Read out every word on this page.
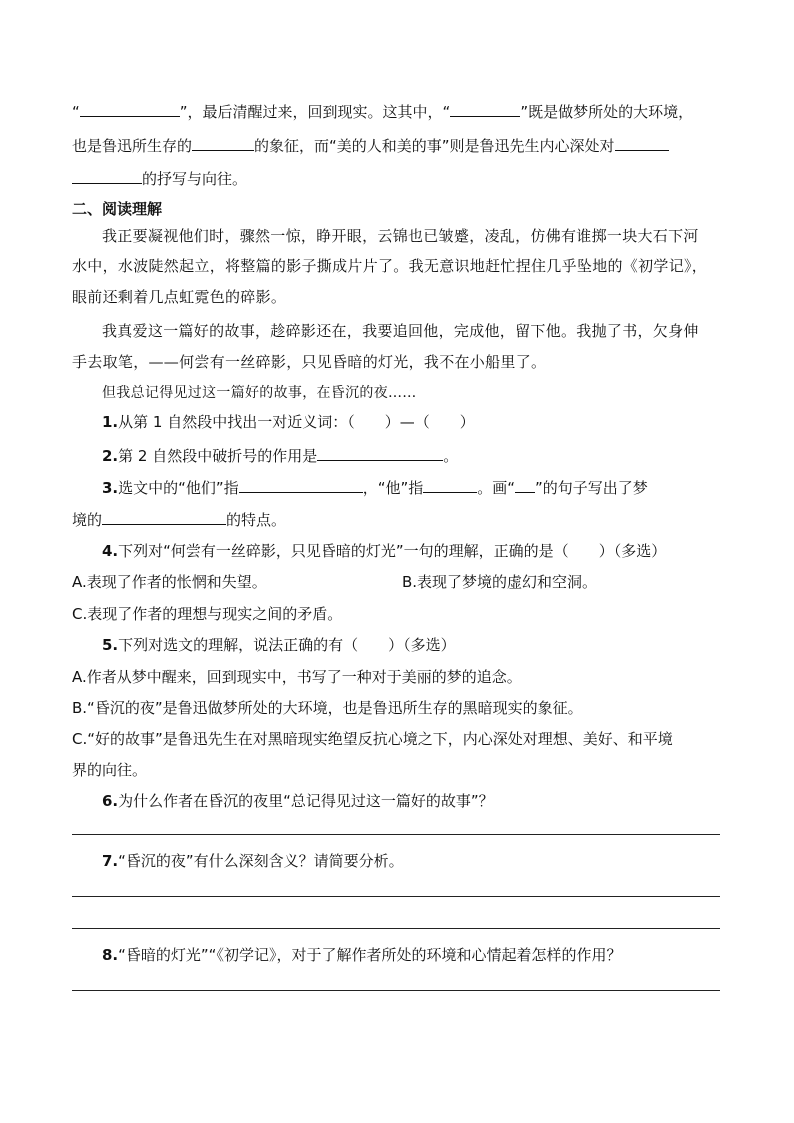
“	”，最后清醒过来，回到现实。这其中，“	”既是做梦所处的大环境，
也是鲁迅所生存的	的象征，而“美的人和美的事”则是鲁迅先生内心深处对
的抒写与向往。
二、阅读理解
我正要凝视他们时，骤然一惊，睁开眼，云锦也已皱蹙，凌乱，仿佛有谁掷一块大石下河
水中，水波陡然起立，将整篇的影子撕成片片了。我无意识地赶忙捏住几乎坠地的《初学记》，
眼前还剩着几点虹霓色的碎影。
我真爱这一篇好的故事，趁碎影还在，我要追回他，完成他，留下他。我抛了书，欠身伸
手去取笔，——何尝有一丝碎影，只见昏暗的灯光，我不在小船里了。
但我总记得见过这一篇好的故事，在昏沉的夜……
1.从第 1 自然段中找出一对近义词：（ ）—（ ）
2.第 2 自然段中破折号的作用是	。
3.选文中的“他们”指	，“他”指	。画“ ”的句子写出了梦
境的	的特点。
4.下列对“何尝有一丝碎影，只见昏暗的灯光”一句的理解，正确的是（ ）（多选）
A.表现了作者的怅惘和失望。	B.表现了梦境的虚幻和空洞。
C.表现了作者的理想与现实之间的矛盾。
5.下列对选文的理解，说法正确的有（ ）（多选）
A.作者从梦中醒来，回到现实中，书写了一种对于美丽的梦的追念。
B.“昏沉的夜”是鲁迅做梦所处的大环境，也是鲁迅所生存的黑暗现实的象征。
C.“好的故事”是鲁迅先生在对黑暗现实绝望反抗心境之下，内心深处对理想、美好、和平境
界的向往。
6.为什么作者在昏沉的夜里“总记得见过这一篇好的故事”？
7.“昏沉的夜”有什么深刻含义？请简要分析。
8.“昏暗的灯光”“《初学记》，对于了解作者所处的环境和心情起着怎样的作用？
